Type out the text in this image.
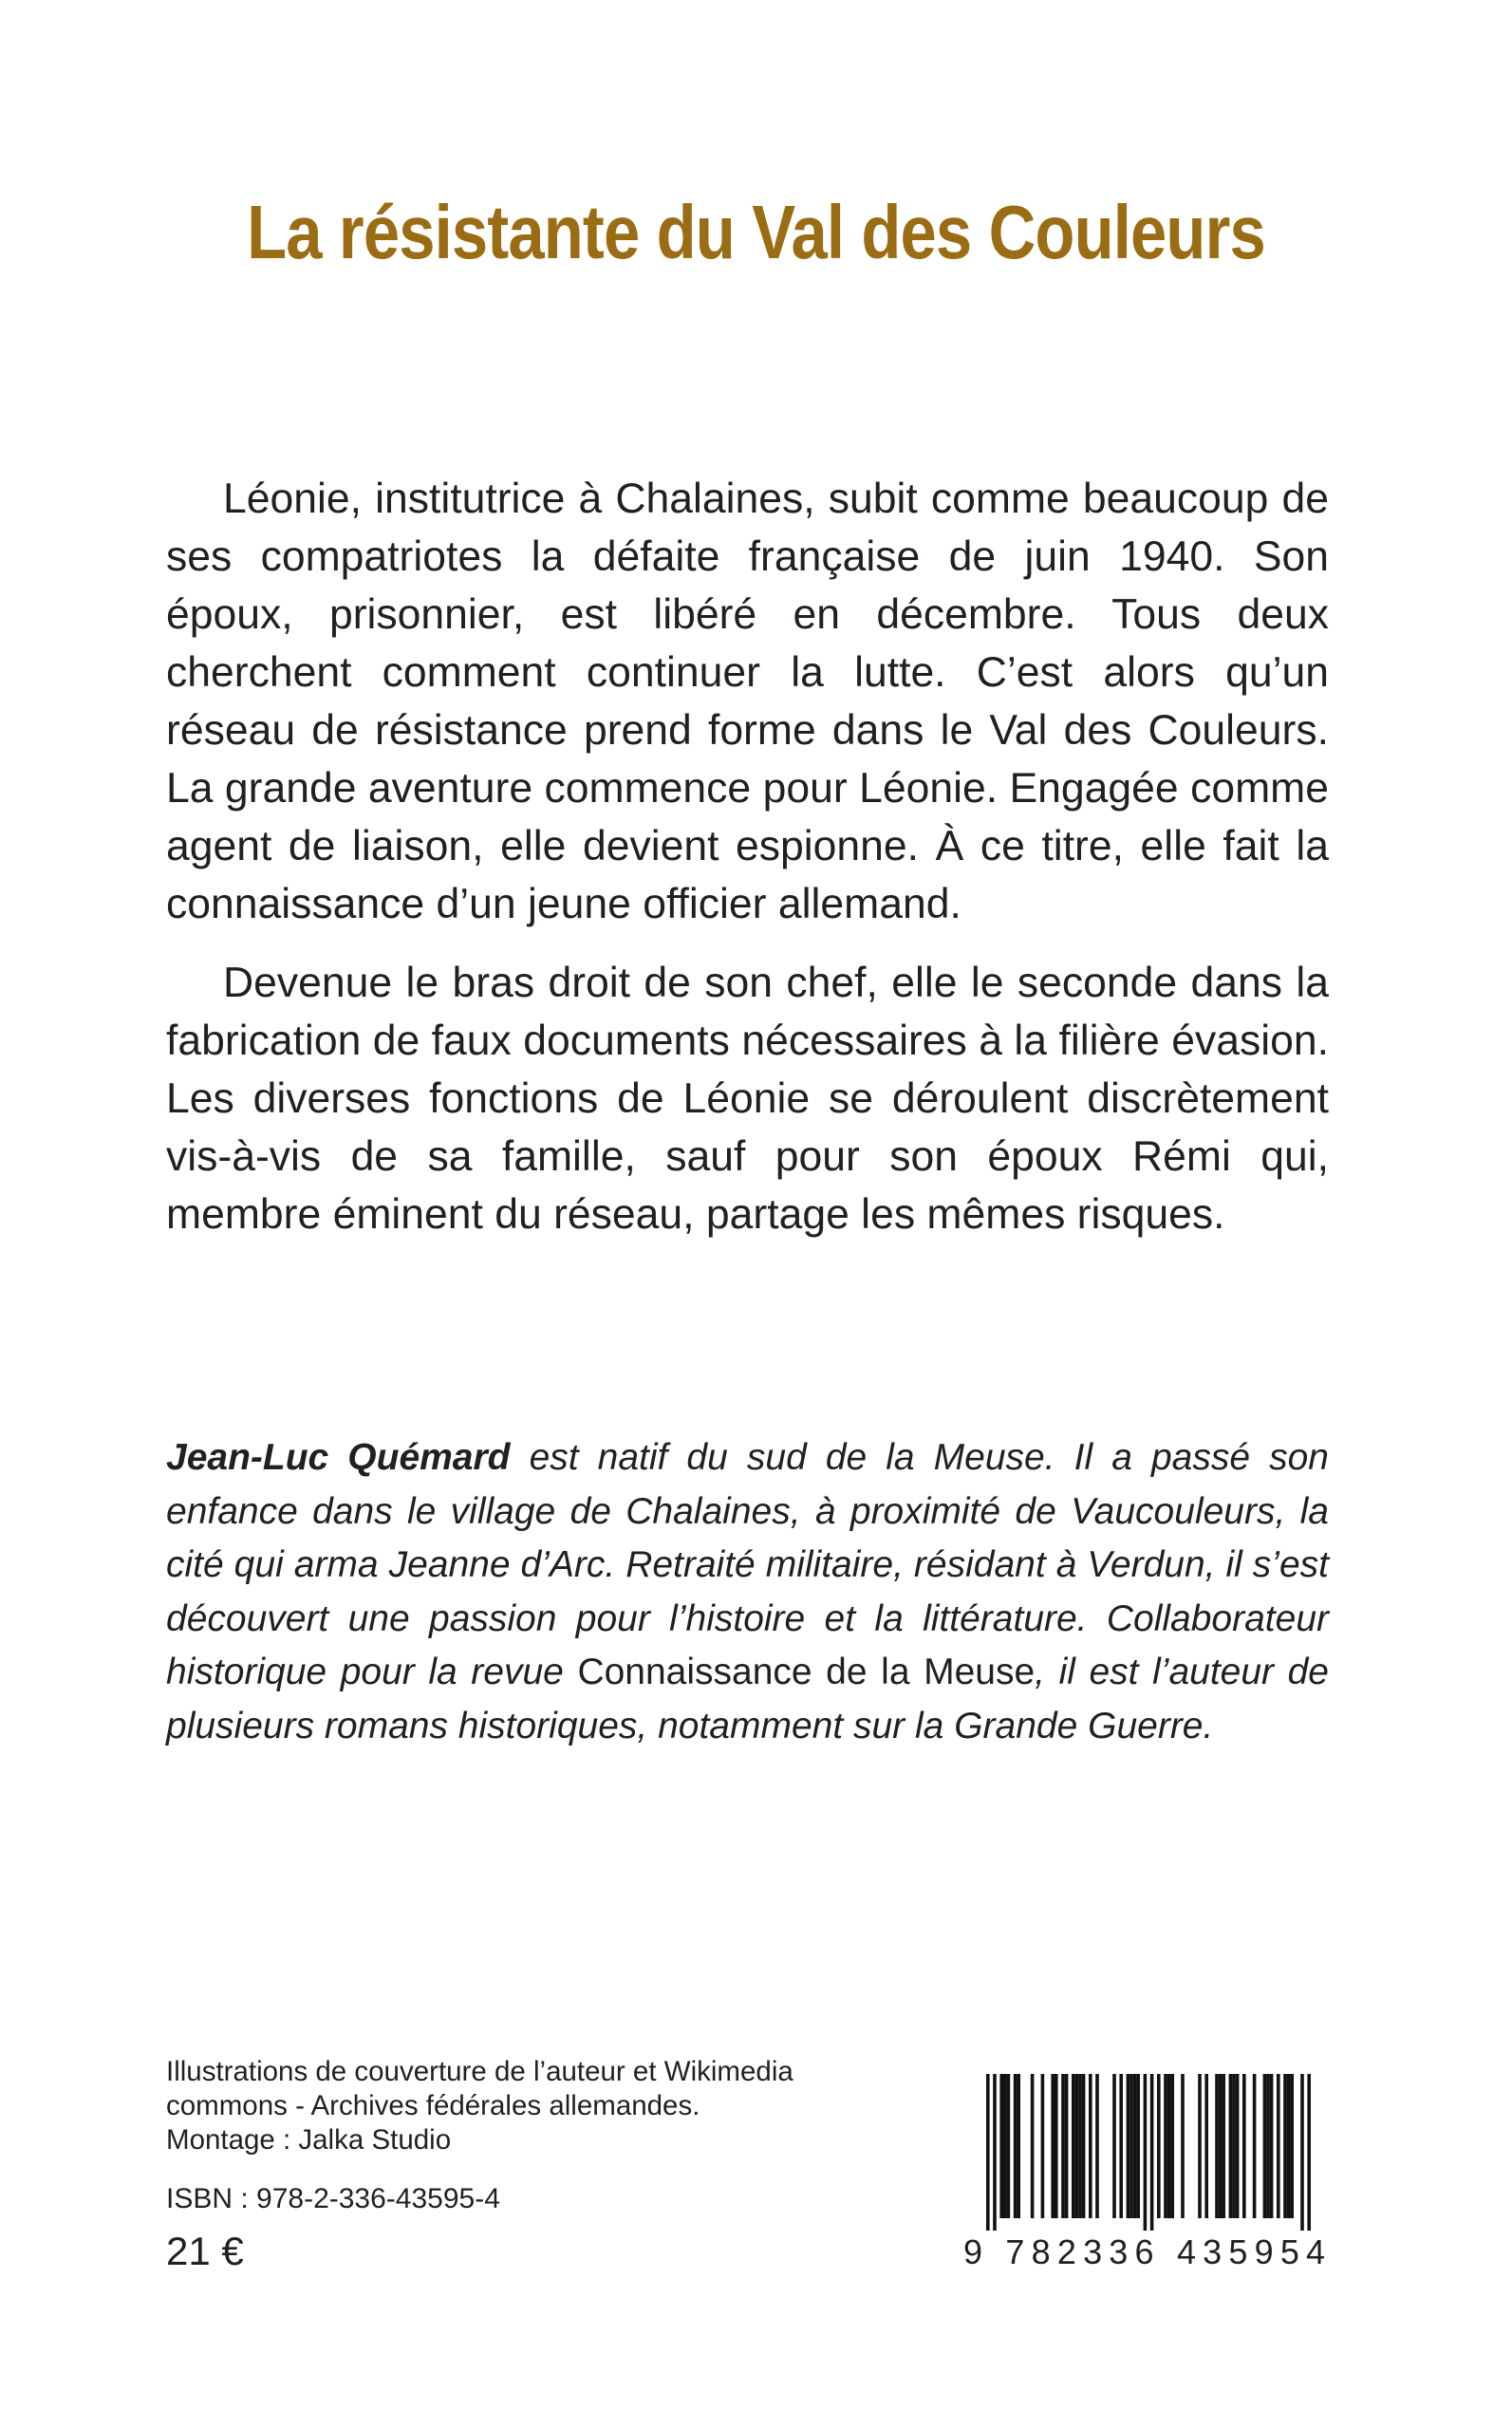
La résistante du Val des Couleurs

Léonie, institutrice à Chalaines, subit comme beaucoup de ses compatriotes la défaite française de juin 1940. Son époux, prisonnier, est libéré en décembre. Tous deux cherchent comment continuer la lutte. C’est alors qu’un réseau de résistance prend forme dans le Val des Couleurs. La grande aventure commence pour Léonie. Engagée comme agent de liaison, elle devient espionne. À ce titre, elle fait la connaissance d’un jeune officier allemand.

Devenue le bras droit de son chef, elle le seconde dans la fabrication de faux documents nécessaires à la filière évasion. Les diverses fonctions de Léonie se déroulent discrètement vis-à-vis de sa famille, sauf pour son époux Rémi qui, membre éminent du réseau, partage les mêmes risques.

Jean-Luc Quémard est natif du sud de la Meuse. Il a passé son enfance dans le village de Chalaines, à proximité de Vaucouleurs, la cité qui arma Jeanne d’Arc. Retraité militaire, résidant à Verdun, il s’est découvert une passion pour l’histoire et la littérature. Collaborateur historique pour la revue Connaissance de la Meuse, il est l’auteur de plusieurs romans historiques, notamment sur la Grande Guerre.
Illustrations de couverture de l’auteur et Wikimedia
commons - Archives fédérales allemandes.
Montage : Jalka Studio
ISBN : 978-2-336-43595-4
21 €	9 782336 435954
